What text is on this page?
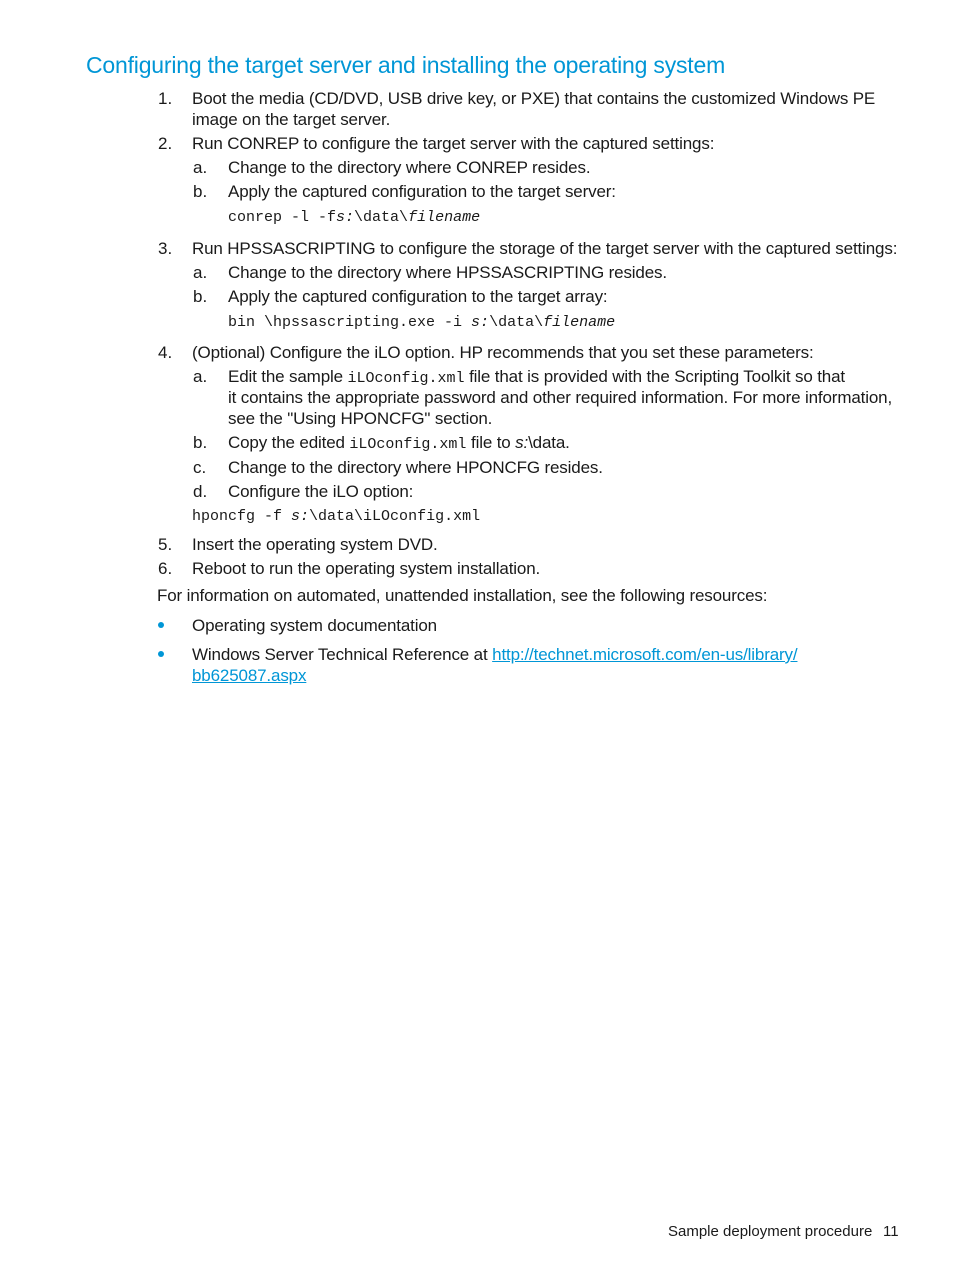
Configuring the target server and installing the operating system
1. Boot the media (CD/DVD, USB drive key, or PXE) that contains the customized Windows PE
image on the target server.
2. Run CONREP to configure the target server with the captured settings:
a. Change to the directory where CONREP resides.
b. Apply the captured configuration to the target server:
conrep -l -fs:\data\filename
3. Run HPSSASCRIPTING to configure the storage of the target server with the captured settings:
a. Change to the directory where HPSSASCRIPTING resides.
b. Apply the captured configuration to the target array:
bin \hpssascripting.exe -i s:\data\filename
4. (Optional) Configure the iLO option. HP recommends that you set these parameters:
a. Edit the sample iLOconfig.xml file that is provided with the Scripting Toolkit so that
it contains the appropriate password and other required information. For more information,
see the "Using HPONCFG" section.
b. Copy the edited iLOconfig.xml file to s:\data.
c. Change to the directory where HPONCFG resides.
d. Configure the iLO option:
hponcfg -f s:\data\iLOconfig.xml
5. Insert the operating system DVD.
6. Reboot to run the operating system installation.
For information on automated, unattended installation, see the following resources:
Operating system documentation
Windows Server Technical Reference at http://technet.microsoft.com/en-us/library/
bb625087.aspx
Sample deployment procedure 11
